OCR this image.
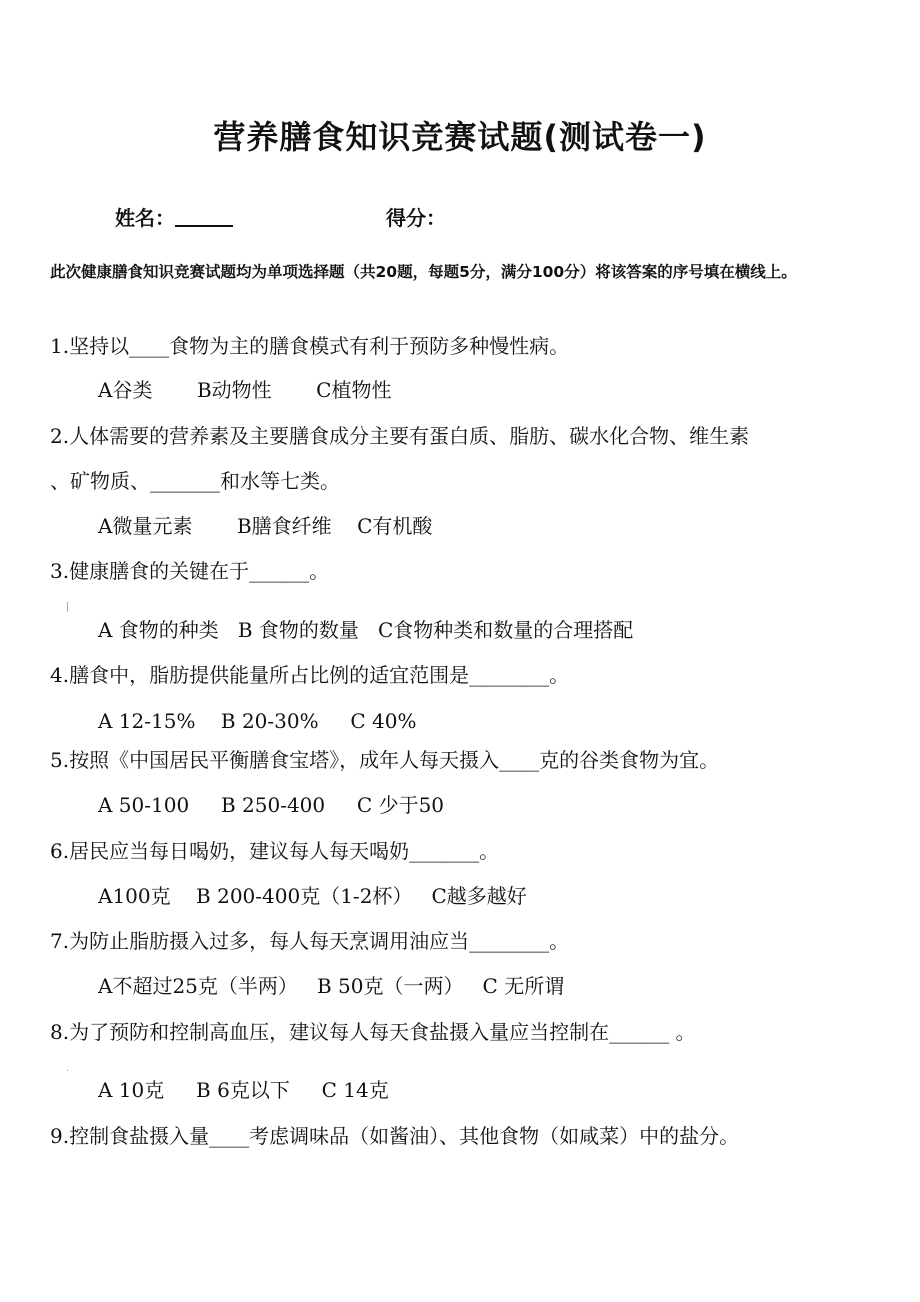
营养膳食知识竞赛试题(测试卷一)
姓名：	得分：
此次健康膳食知识竞赛试题均为单项选择题（共20题，每题5分，满分100分）将该答案的序号填在横线上。
1.坚持以____食物为主的膳食模式有利于预防多种慢性病。
A谷类       B动物性       C植物性
2.人体需要的营养素及主要膳食成分主要有蛋白质、脂肪、碳水化合物、维生素
、矿物质、_______和水等七类。
A微量元素       B膳食纤维    C有机酸
3.健康膳食的关键在于______。
|
A 食物的种类   B 食物的数量   C食物种类和数量的合理搭配
4.膳食中，脂肪提供能量所占比例的适宜范围是________。
A 12-15%    B 20-30%     C 40%
5.按照《中国居民平衡膳食宝塔》，成年人每天摄入____克的谷类食物为宜。
A 50-100     B 250-400     C 少于50
6.居民应当每日喝奶，建议每人每天喝奶_______。
A100克    B 200-400克（1-2杯）   C越多越好
7.为防止脂肪摄入过多，每人每天烹调用油应当________。
A不超过25克（半两）   B 50克（一两）   C 无所谓
8.为了预防和控制高血压，建议每人每天食盐摄入量应当控制在______ 。
.
A 10克     B 6克以下     C 14克
9.控制食盐摄入量____考虑调味品（如酱油）、其他食物（如咸菜）中的盐分。
